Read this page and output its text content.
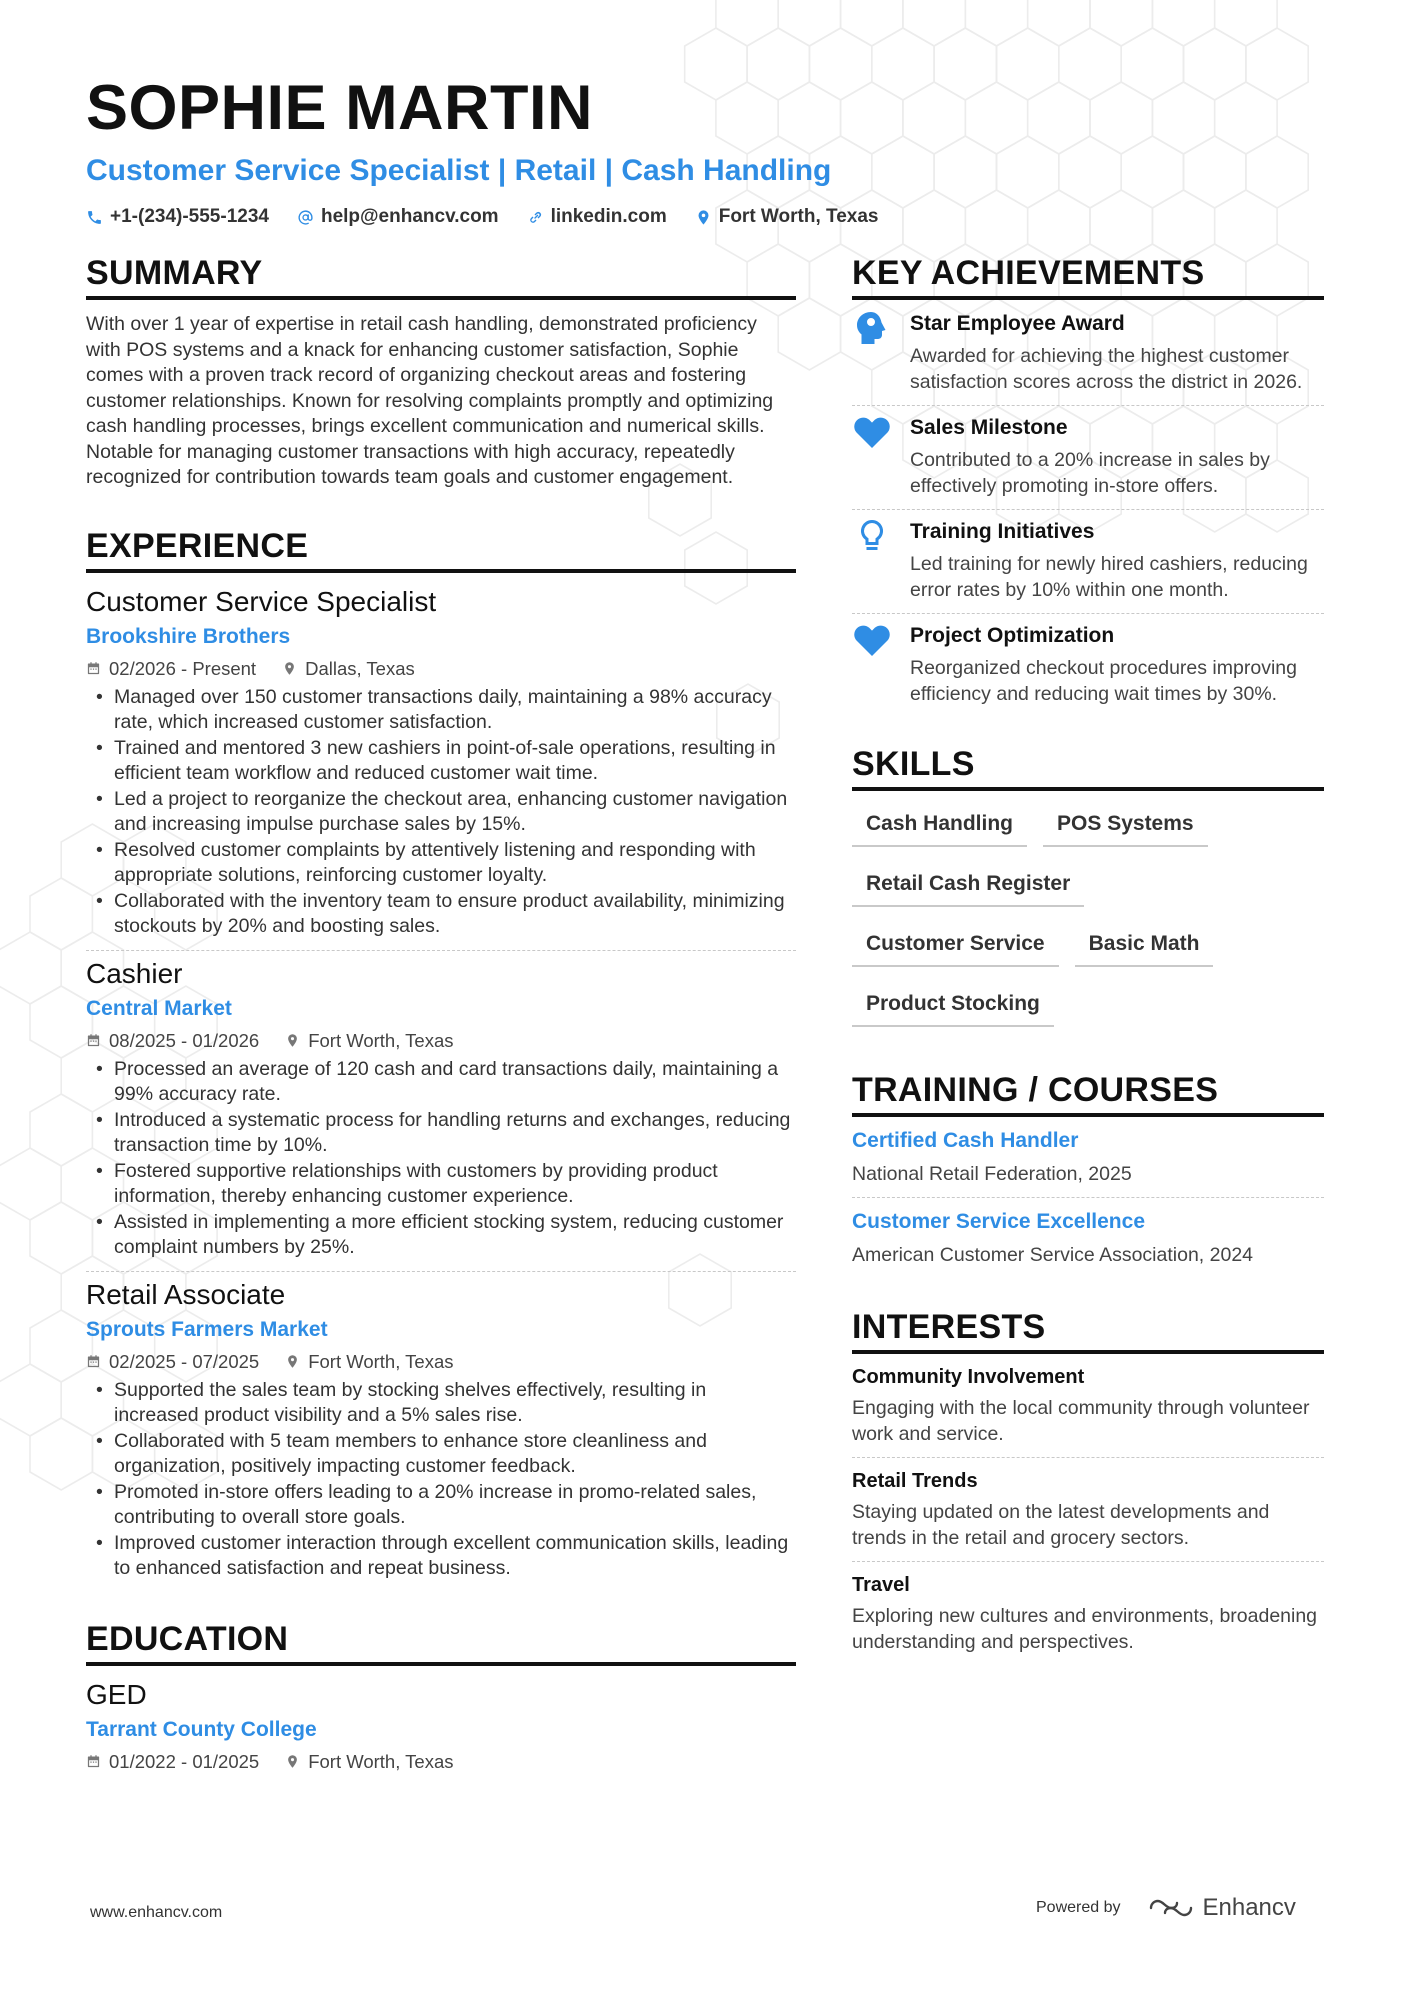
SOPHIE MARTIN
Customer Service Specialist | Retail | Cash Handling
+1-(234)-555-1234	help@enhancv.com	linkedin.com	Fort Worth, Texas
SUMMARY

With over 1 year of expertise in retail cash handling, demonstrated proficiency with POS systems and a knack for enhancing customer satisfaction, Sophie comes with a proven track record of organizing checkout areas and fostering customer relationships. Known for resolving complaints promptly and optimizing cash handling processes, brings excellent communication and numerical skills. Notable for managing customer transactions with high accuracy, repeatedly recognized for contribution towards team goals and customer engagement.

EXPERIENCE
Customer Service Specialist
Brookshire Brothers
02/2026 - Present	Dallas, Texas
• Managed over 150 customer transactions daily, maintaining a 98% accuracy rate, which increased customer satisfaction.
• Trained and mentored 3 new cashiers in point-of-sale operations, resulting in efficient team workflow and reduced customer wait time.
• Led a project to reorganize the checkout area, enhancing customer navigation and increasing impulse purchase sales by 15%.
• Resolved customer complaints by attentively listening and responding with appropriate solutions, reinforcing customer loyalty.
• Collaborated with the inventory team to ensure product availability, minimizing stockouts by 20% and boosting sales.
Cashier
Central Market
08/2025 - 01/2026	Fort Worth, Texas
• Processed an average of 120 cash and card transactions daily, maintaining a 99% accuracy rate.
• Introduced a systematic process for handling returns and exchanges, reducing transaction time by 10%.
• Fostered supportive relationships with customers by providing product information, thereby enhancing customer experience.
• Assisted in implementing a more efficient stocking system, reducing customer complaint numbers by 25%.
Retail Associate
Sprouts Farmers Market
02/2025 - 07/2025	Fort Worth, Texas
• Supported the sales team by stocking shelves effectively, resulting in increased product visibility and a 5% sales rise.
• Collaborated with 5 team members to enhance store cleanliness and organization, positively impacting customer feedback.
• Promoted in-store offers leading to a 20% increase in promo-related sales, contributing to overall store goals.
• Improved customer interaction through excellent communication skills, leading to enhanced satisfaction and repeat business.
EDUCATION
GED
Tarrant County College
01/2022 - 01/2025	Fort Worth, Texas
KEY ACHIEVEMENTS
Star Employee Award
Awarded for achieving the highest customer satisfaction scores across the district in 2026.
Sales Milestone
Contributed to a 20% increase in sales by effectively promoting in-store offers.
Training Initiatives
Led training for newly hired cashiers, reducing error rates by 10% within one month.
Project Optimization
Reorganized checkout procedures improving efficiency and reducing wait times by 30%.
SKILLS
Cash Handling	POS Systems
Retail Cash Register
Customer Service	Basic Math
Product Stocking
TRAINING / COURSES
Certified Cash Handler
National Retail Federation, 2025
Customer Service Excellence
American Customer Service Association, 2024
INTERESTS
Community Involvement
Engaging with the local community through volunteer work and service.
Retail Trends
Staying updated on the latest developments and trends in the retail and grocery sectors.
Travel
Exploring new cultures and environments, broadening understanding and perspectives.
www.enhancv.com	Powered by	Enhancv
